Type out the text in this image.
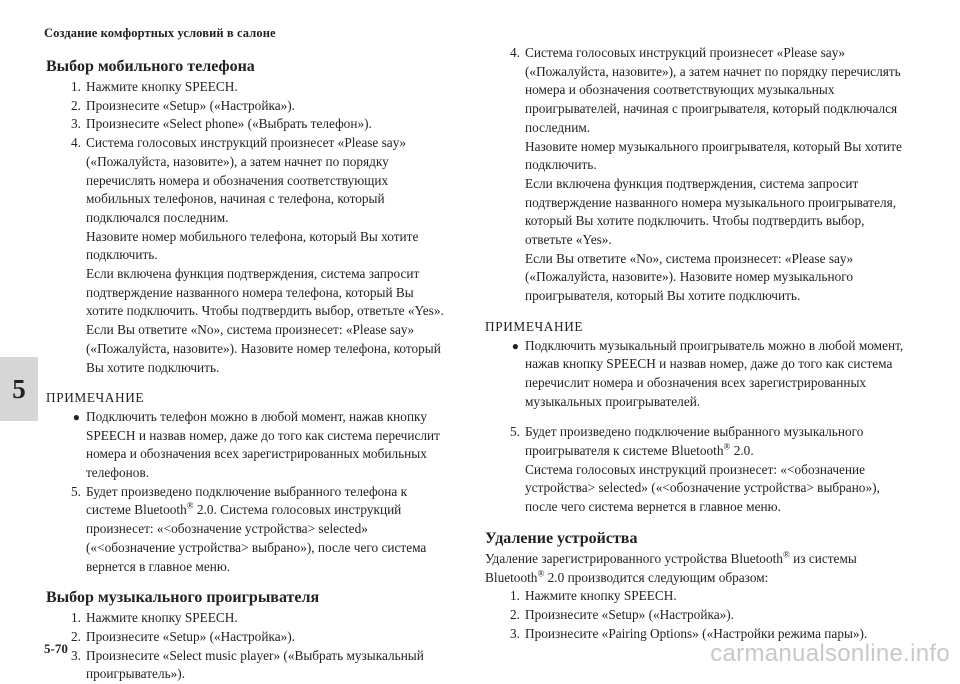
Создание комфортных условий в салоне
5
Выбор мобильного телефона
1. Нажмите кнопку SPEECH.
2. Произнесите «Setup» («Настройка»).
3. Произнесите «Select phone» («Выбрать телефон»).
4. Система голосовых инструкций произнесет «Please say» («Пожалуйста, назовите»), а затем начнет по порядку перечислять номера и обозначения соответствующих мобильных телефонов, начиная с телефона, который подключался последним.

Назовите номер мобильного телефона, который Вы хотите подключить.

Если включена функция подтверждения, система запросит подтверждение названного номера телефона, который Вы хотите подключить. Чтобы подтвердить выбор, ответьте «Yes».

Если Вы ответите «No», система произнесет: «Please say» («Пожалуйста, назовите»). Назовите номер телефона, который Вы хотите подключить.

ПРИМЕЧАНИЕ
● Подключить телефон можно в любой момент, нажав кнопку SPEECH и назвав номер, даже до того как система перечислит номера и обозначения всех зарегистрированных мобильных телефонов.
5. Будет произведено подключение выбранного телефона к системе Bluetooth® 2.0. Система голосовых инструкций произнесет: «<обозначение устройства> selected» («<обозначение устройства> выбрано»), после чего система вернется в главное меню.
Выбор музыкального проигрывателя
1. Нажмите кнопку SPEECH.
2. Произнесите «Setup» («Настройка»).
3. Произнесите «Select music player» («Выбрать музыкальный проигрыватель»).
4. Система голосовых инструкций произнесет «Please say» («Пожалуйста, назовите»), а затем начнет по порядку перечислять номера и обозначения соответствующих музыкальных проигрывателей, начиная с проигрывателя, который подключался последним.

Назовите номер музыкального проигрывателя, который Вы хотите подключить.

Если включена функция подтверждения, система запросит подтверждение названного номера музыкального проигрывателя, который Вы хотите подключить. Чтобы подтвердить выбор, ответьте «Yes».

Если Вы ответите «No», система произнесет: «Please say» («Пожалуйста, назовите»). Назовите номер музыкального проигрывателя, который Вы хотите подключить.

ПРИМЕЧАНИЕ
● Подключить музыкальный проигрыватель можно в любой момент, нажав кнопку SPEECH и назвав номер, даже до того как система перечислит номера и обозначения всех зарегистрированных музыкальных проигрывателей.
5. Будет произведено подключение выбранного музыкального проигрывателя к системе Bluetooth® 2.0.

Система голосовых инструкций произнесет: «<обозначение устройства> selected» («<обозначение устройства> выбрано»), после чего система вернется в главное меню.

Удаление устройства

Удаление зарегистрированного устройства Bluetooth® из системы Bluetooth® 2.0 производится следующим образом:

1. Нажмите кнопку SPEECH.
2. Произнесите «Setup» («Настройка»).
3. Произнесите «Pairing Options» («Настройки режима пары»).
5-70	carmanualsonline.info
